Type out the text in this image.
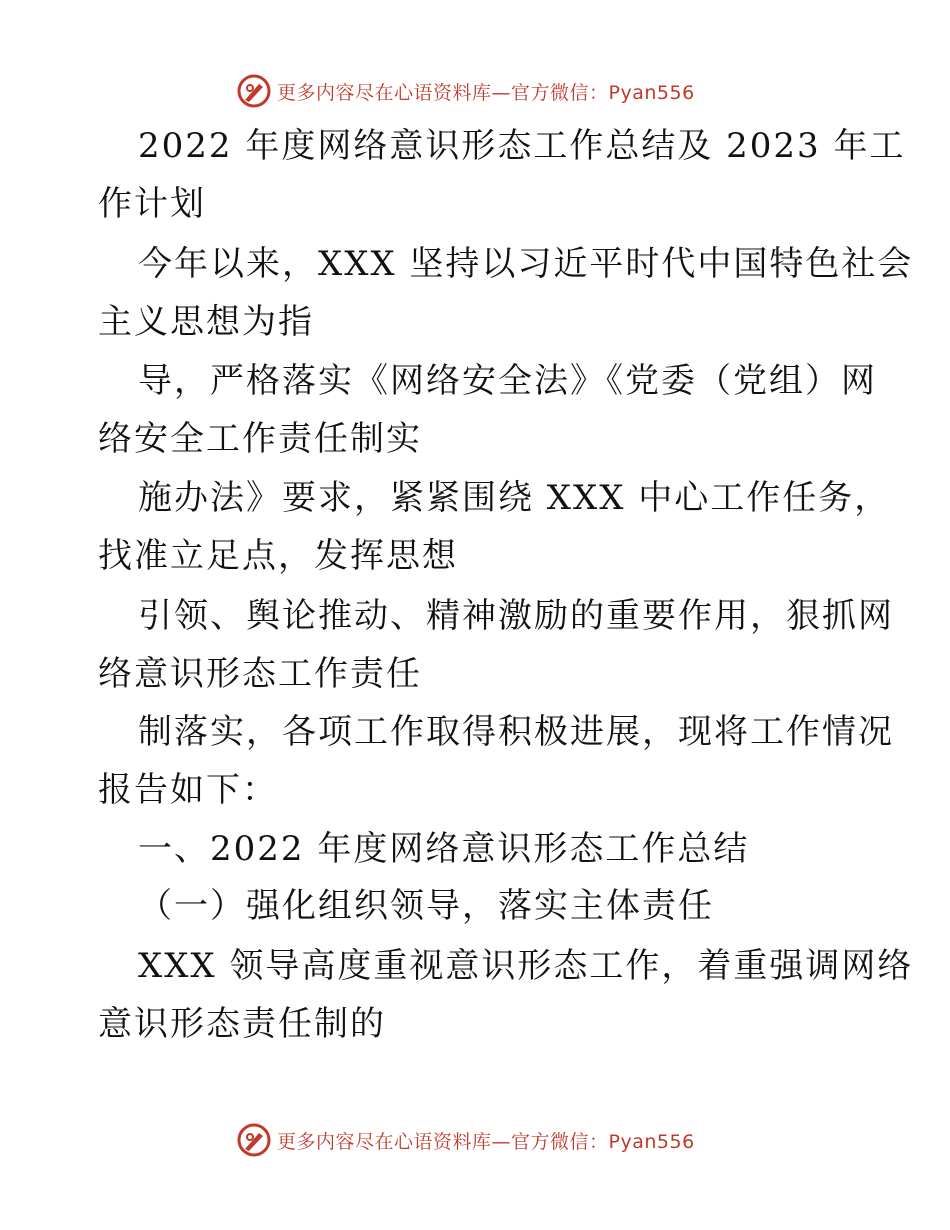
更多内容尽在心语资料库—官方微信：Pyan556
2022 年度网络意识形态工作总结及 2023 年工
作计划
今年以来，XXX 坚持以习近平时代中国特色社会
主义思想为指
导，严格落实《网络安全法》《党委（党组）网
络安全工作责任制实
施办法》要求，紧紧围绕 XXX 中心工作任务，
找准立足点，发挥思想
引领、舆论推动、精神激励的重要作用，狠抓网
络意识形态工作责任
制落实，各项工作取得积极进展，现将工作情况
报告如下：
一、2022 年度网络意识形态工作总结
（一）强化组织领导，落实主体责任
XXX 领导高度重视意识形态工作，着重强调网络
意识形态责任制的
更多内容尽在心语资料库—官方微信：Pyan556
